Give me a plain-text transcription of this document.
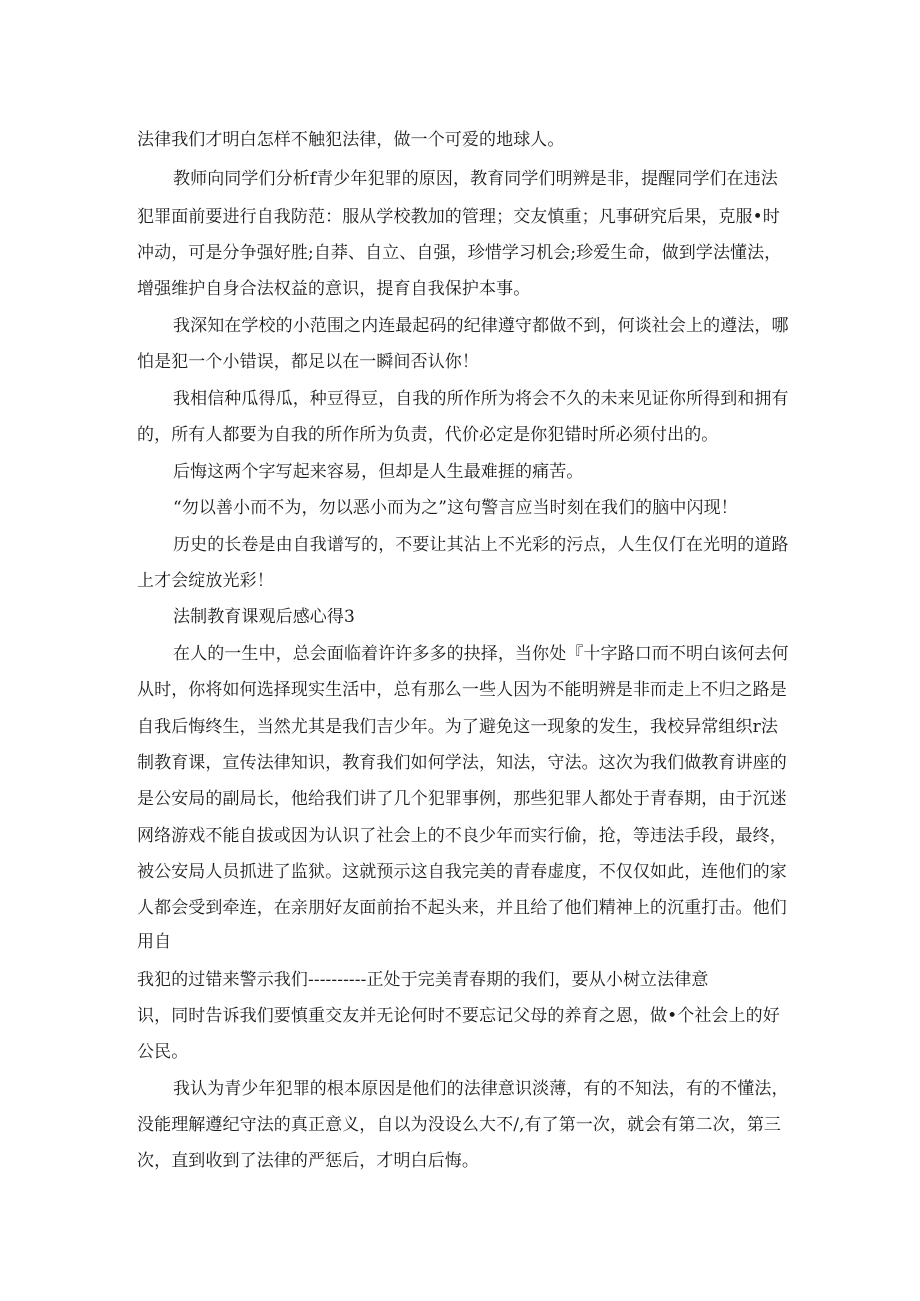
法律我们才明白怎样不触犯法律，做一个可爱的地球人。

教师向同学们分析f青少年犯罪的原因，教育同学们明辨是非，提醒同学们在违法

犯罪面前要进行自我防范：服从学校教加的管理；交友慎重；凡事研究后果，克服•时

冲动，可是分争强好胜;自莽、自立、自强，珍惜学习机会;珍爱生命，做到学法懂法，

增强维护自身合法权益的意识，提育自我保护本事。

我深知在学校的小范围之内连最起码的纪律遵守都做不到，何谈社会上的遵法，哪

怕是犯一个小错误，都足以在一瞬间否认你！

我相信种瓜得瓜，种豆得豆，自我的所作所为将会不久的未来见证你所得到和拥有

的，所有人都要为自我的所作所为负责，代价必定是你犯错时所必须付出的。

后悔这两个字写起来容易，但却是人生最难捱的痛苦。

“勿以善小而不为，勿以恶小而为之”这句警言应当时刻在我们的脑中闪现！

历史的长卷是由自我谱写的，不要让其沾上不光彩的污点，人生仅仃在光明的道路

上才会绽放光彩！

法制教育课观后感心得3

在人的一生中，总会面临着许许多多的抉择，当你处『十字路口而不明白该何去何

从时，你将如何选择现实生活中，总有那么一些人因为不能明辨是非而走上不归之路是

自我后悔终生，当然尤其是我们吉少年。为了避免这一现象的发生，我校异常组织r法

制教育课，宣传法律知识，教育我们如何学法，知法，守法。这次为我们做教育讲座的

是公安局的副局长，他给我们讲了几个犯罪事例，那些犯罪人都处于青春期，由于沉迷

网络游戏不能自拔或因为认识了社会上的不良少年而实行偷，抢，等违法手段，最终，

被公安局人员抓进了监狱。这就预示这自我完美的青春虚度，不仅仅如此，连他们的家

人都会受到牵连，在亲朋好友面前抬不起头来，并且给了他们精神上的沉重打击。他们

用自

我犯的过错来警示我们----------正处于完美青春期的我们，要从小树立法律意

识，同时告诉我们要慎重交友并无论何时不要忘记父母的养育之恩，做•个社会上的好

公民。

我认为青少年犯罪的根本原因是他们的法律意识淡薄，有的不知法，有的不懂法，

没能理解遵纪守法的真正意义，自以为没设么大不/,有了第一次，就会有第二次，第三

次，直到收到了法律的严惩后，才明白后悔。
